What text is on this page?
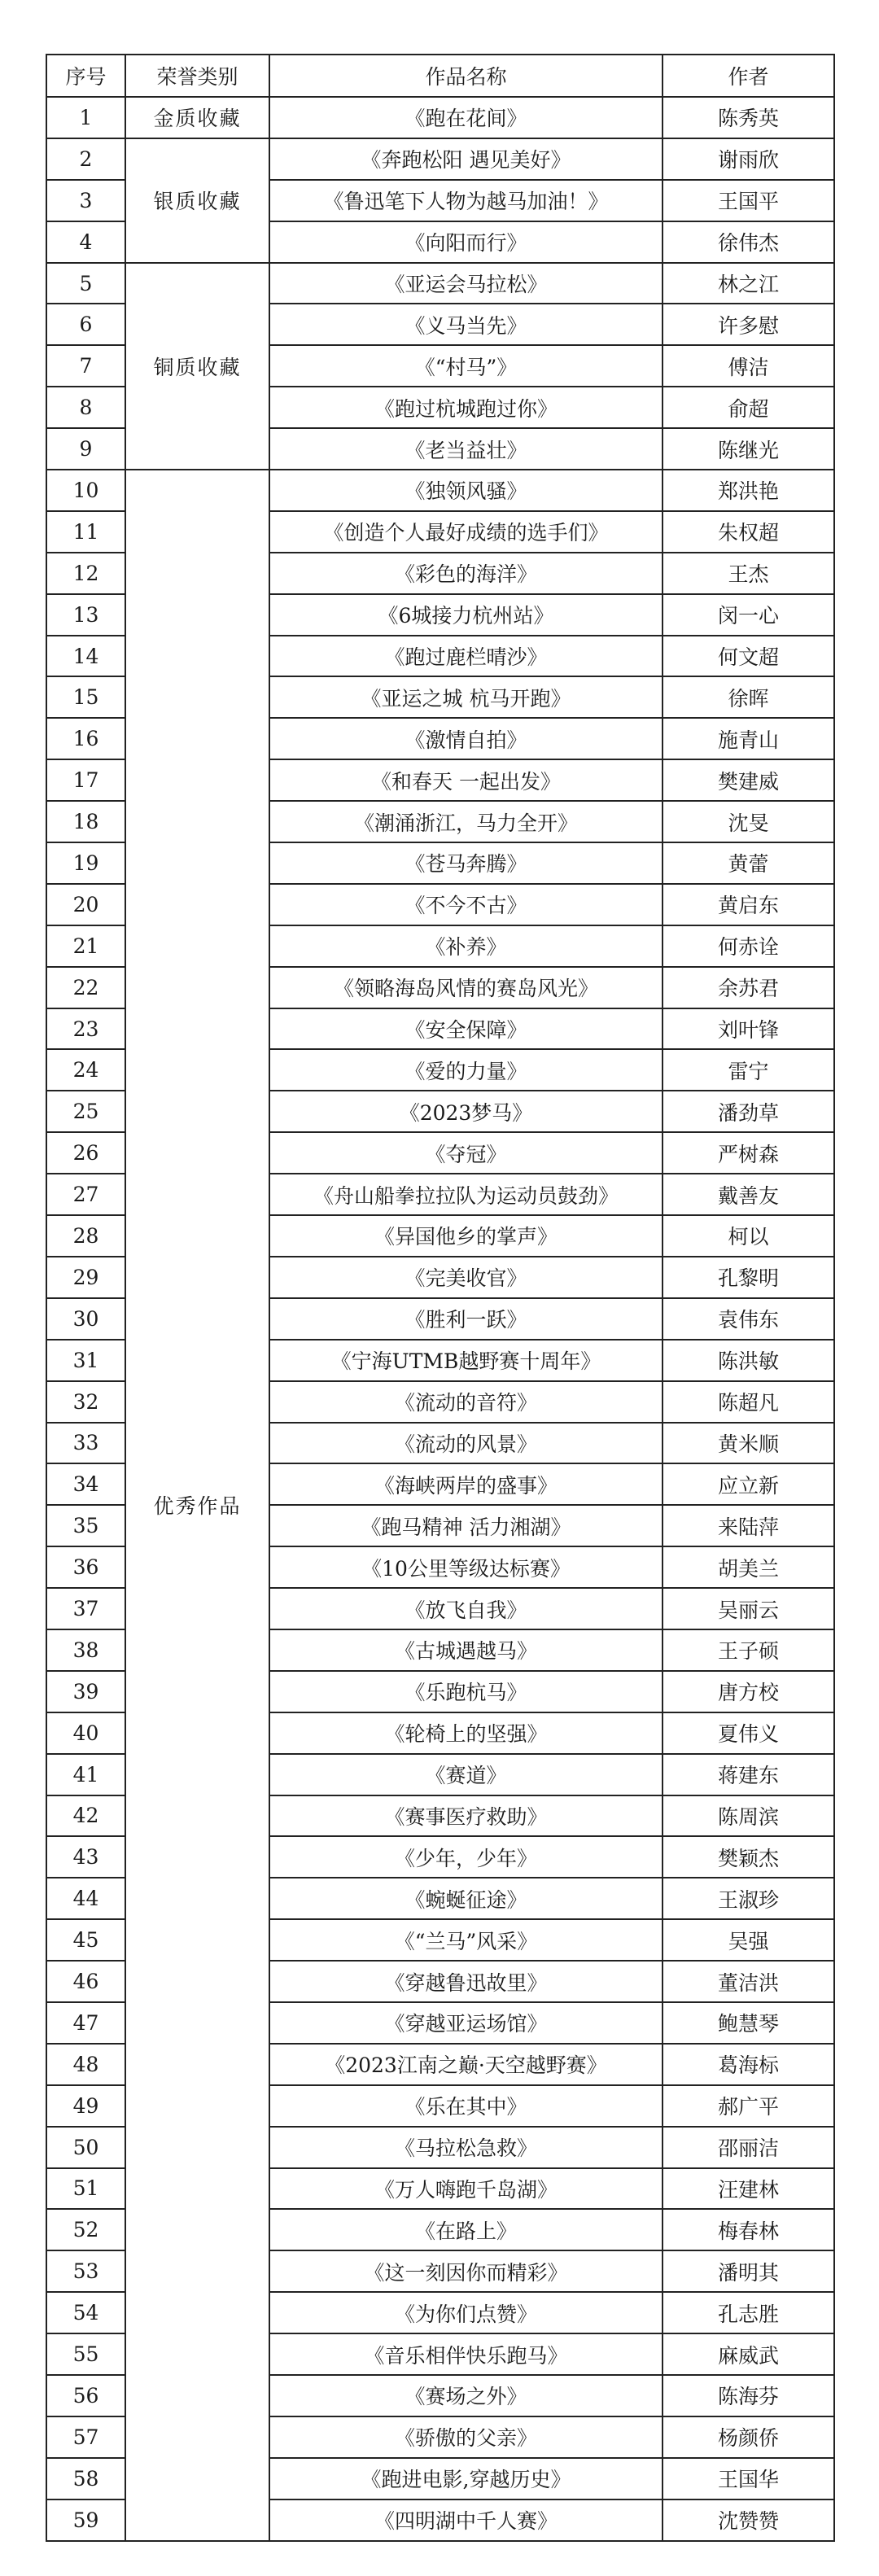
序号	荣誉类别	作品名称	作者
1	金质收藏	《跑在花间》	陈秀英
2	银质收藏	《奔跑松阳 遇见美好》	谢雨欣
3		《鲁迅笔下人物为越马加油！》	王国平
4		《向阳而行》	徐伟杰
5	铜质收藏	《亚运会马拉松》	林之江
6		《义马当先》	许多慰
7		《“村马”》	傅洁
8		《跑过杭城跑过你》	俞超
9		《老当益壮》	陈继光
10	优秀作品	《独领风骚》	郑洪艳
11		《创造个人最好成绩的选手们》	朱权超
12		《彩色的海洋》	王杰
13		《6城接力杭州站》	闵一心
14		《跑过鹿栏晴沙》	何文超
15		《亚运之城 杭马开跑》	徐晖
16		《激情自拍》	施青山
17		《和春天 一起出发》	樊建威
18		《潮涌浙江，马力全开》	沈旻
19		《苍马奔腾》	黄蕾
20		《不今不古》	黄启东
21		《补养》	何赤诠
22		《领略海岛风情的赛岛风光》	余苏君
23		《安全保障》	刘叶锋
24		《爱的力量》	雷宁
25		《2023梦马》	潘劲草
26		《夺冠》	严树森
27		《舟山船拳拉拉队为运动员鼓劲》	戴善友
28		《异国他乡的掌声》	柯以
29		《完美收官》	孔黎明
30		《胜利一跃》	袁伟东
31		《宁海UTMB越野赛十周年》	陈洪敏
32		《流动的音符》	陈超凡
33		《流动的风景》	黄米顺
34		《海峡两岸的盛事》	应立新
35		《跑马精神 活力湘湖》	来陆萍
36		《10公里等级达标赛》	胡美兰
37		《放飞自我》	吴丽云
38		《古城遇越马》	王子硕
39		《乐跑杭马》	唐方校
40		《轮椅上的坚强》	夏伟义
41		《赛道》	蒋建东
42		《赛事医疗救助》	陈周滨
43		《少年，少年》	樊颖杰
44		《蜿蜒征途》	王淑珍
45		《“兰马”风采》	吴强
46		《穿越鲁迅故里》	董洁洪
47		《穿越亚运场馆》	鲍慧琴
48		《2023江南之巅·天空越野赛》	葛海标
49		《乐在其中》	郝广平
50		《马拉松急救》	邵丽洁
51		《万人嗨跑千岛湖》	汪建林
52		《在路上》	梅春林
53		《这一刻因你而精彩》	潘明其
54		《为你们点赞》	孔志胜
55		《音乐相伴快乐跑马》	麻威武
56		《赛场之外》	陈海芬
57		《骄傲的父亲》	杨颜侨
58		《跑进电影,穿越历史》	王国华
59		《四明湖中千人赛》	沈赞赞
